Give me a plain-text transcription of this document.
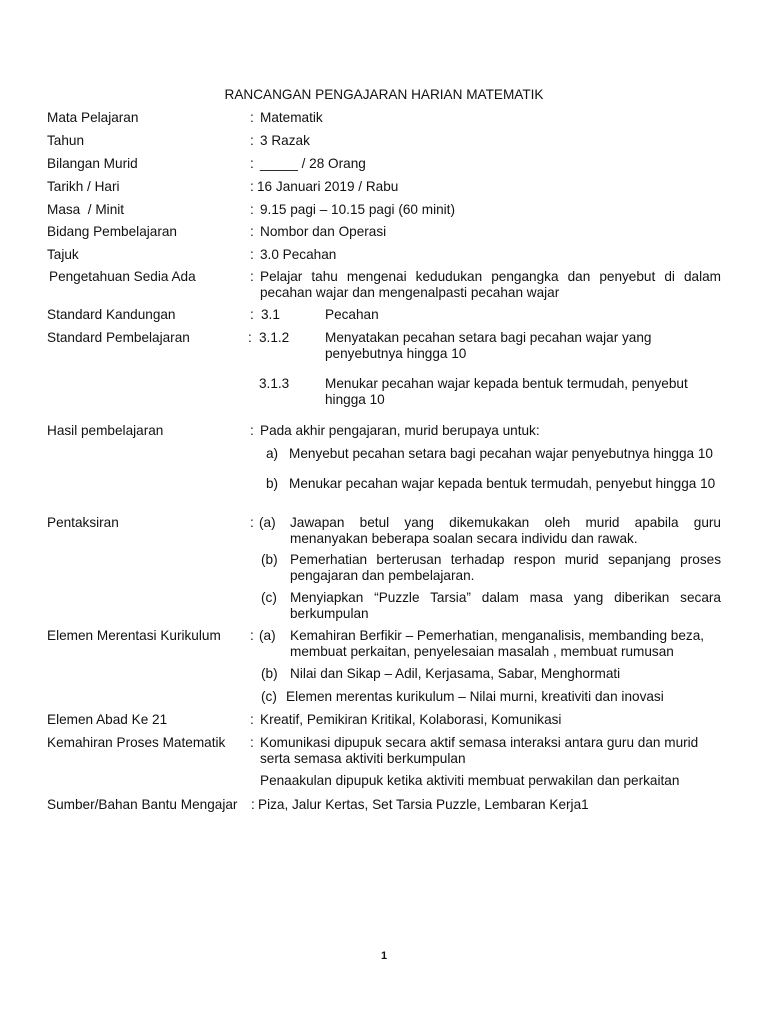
RANCANGAN PENGAJARAN HARIAN MATEMATIK
Mata Pelajaran	: Matematik
Tahun	: 3 Razak
Bilangan Murid	: _____ / 28 Orang
Tarikh / Hari	: 16 Januari 2019 / Rabu
Masa  / Minit	: 9.15 pagi – 10.15 pagi (60 minit)
Bidang Pembelajaran	: Nombor dan Operasi
Tajuk	: 3.0 Pecahan
Pengetahuan Sedia Ada	: Pelajar tahu mengenai kedudukan pengangka dan penyebut di dalam pecahan wajar dan mengenalpasti pecahan wajar
Standard Kandungan	: 3.1	Pecahan
Standard Pembelajaran	: 3.1.2	Menyatakan pecahan setara bagi pecahan wajar yang penyebutnya hingga 10
3.1.3	Menukar pecahan wajar kepada bentuk termudah, penyebut hingga 10
Hasil pembelajaran	: Pada akhir pengajaran, murid berupaya untuk:
a) Menyebut pecahan setara bagi pecahan wajar penyebutnya hingga 10
b) Menukar pecahan wajar kepada bentuk termudah, penyebut hingga 10
Pentaksiran	: (a) Jawapan betul yang dikemukakan oleh murid apabila guru menanyakan beberapa soalan secara individu dan rawak.
(b) Pemerhatian berterusan terhadap respon murid sepanjang proses pengajaran dan pembelajaran.
(c) Menyiapkan “Puzzle Tarsia” dalam masa yang diberikan secara berkumpulan
Elemen Merentasi Kurikulum : (a) Kemahiran Berfikir – Pemerhatian, menganalisis, membanding beza, membuat perkaitan, penyelesaian masalah , membuat rumusan
(b) Nilai dan Sikap – Adil, Kerjasama, Sabar, Menghormati
(c) Elemen merentas kurikulum – Nilai murni, kreativiti dan inovasi
Elemen Abad Ke 21	: Kreatif, Pemikiran Kritikal, Kolaborasi, Komunikasi
Kemahiran Proses Matematik : Komunikasi dipupuk secara aktif semasa interaksi antara guru dan murid serta semasa aktiviti berkumpulan
Penaakulan dipupuk ketika aktiviti membuat perwakilan dan perkaitan
Sumber/Bahan Bantu Mengajar : Piza, Jalur Kertas, Set Tarsia Puzzle, Lembaran Kerja1
1
